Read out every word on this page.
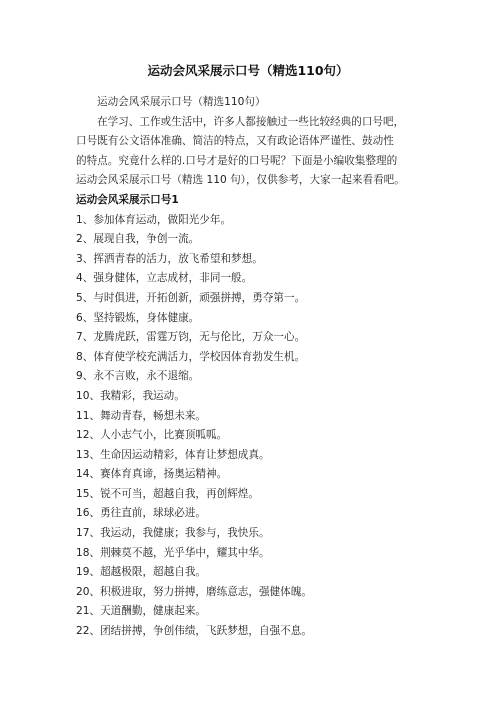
运动会风采展示口号（精选110句）

运动会风采展示口号（精选110句）

在学习、工作或生活中，许多人都接触过一些比较经典的口号吧，

口号既有公文语体准确、简洁的特点，又有政论语体严谨性、鼓动性

的特点。究竟什么样的.口号才是好的口号呢？下面是小编收集整理的

运动会风采展示口号（精选 110 句），仅供参考，大家一起来看看吧。

运动会风采展示口号1

1、参加体育运动，做阳光少年。

2、展现自我，争创一流。

3、挥洒青春的活力，放飞希望和梦想。

4、强身健体，立志成材，非同一般。

5、与时俱进，开拓创新，顽强拼搏，勇夺第一。

6、坚持锻炼，身体健康。

7、龙腾虎跃，雷霆万钧，无与伦比，万众一心。

8、体育使学校充满活力，学校因体育勃发生机。

9、永不言败，永不退缩。

10、我精彩，我运动。

11、舞动青春，畅想未来。

12、人小志气小，比赛顶呱呱。

13、生命因运动精彩，体育让梦想成真。

14、赛体育真谛，扬奥运精神。

15、锐不可当，超越自我，再创辉煌。

16、勇往直前，球球必进。

17、我运动，我健康；我参与，我快乐。

18、荆棘莫不越，光乎华中，耀其中华。

19、超越极限，超越自我。

20、积极进取，努力拼搏，磨练意志，强健体魄。

21、天道酬勤，健康起来。

22、团结拼搏，争创伟绩，飞跃梦想，自强不息。
